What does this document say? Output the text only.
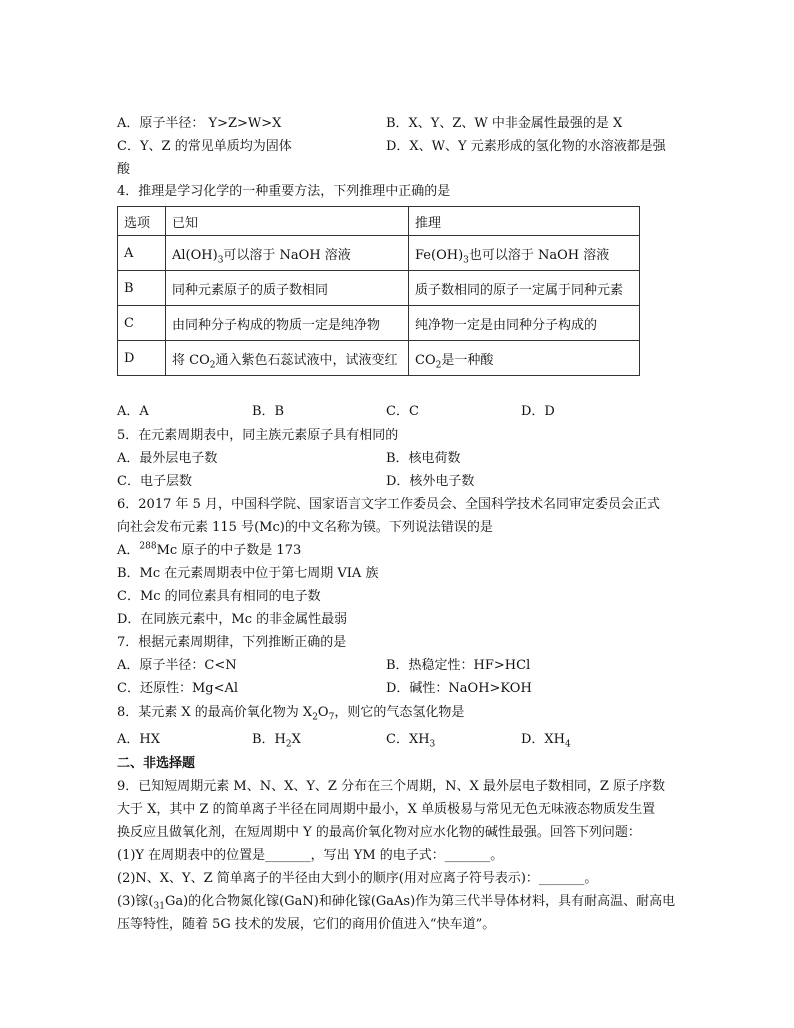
A．原子半径： Y>Z>W>X	B．X、Y、Z、W 中非金属性最强的是 X
C．Y、Z 的常见单质均为固体	D．X、W、Y 元素形成的氢化物的水溶液都是强
酸
4．推理是学习化学的一种重要方法，下列推理中正确的是
选项	已知	推理
A	$Al(OH)_3$可以溶于 NaOH 溶液	$Fe(OH)_3$也可以溶于 NaOH 溶液
B	同种元素原子的质子数相同	质子数相同的原子一定属于同种元素
C	由同种分子构成的物质一定是纯净物	纯净物一定是由同种分子构成的
D	将 $CO_2$通入紫色石蕊试液中，试液变红	$CO_2$是一种酸
A．A	B．B	C．C	D．D
5．在元素周期表中，同主族元素原子具有相同的
A．最外层电子数	B．核电荷数
C．电子层数	D．核外电子数
6．2017 年 5 月，中国科学院、国家语言文字工作委员会、全国科学技术名同审定委员会正式
向社会发布元素 115 号(Mc)的中文名称为镆。下列说法错误的是
A．$^{288}$Mc 原子的中子数是 173
B．Mc 在元素周期表中位于第七周期 VIA 族
C．Mc 的同位素具有相同的电子数
D．在同族元素中，Mc 的非金属性最弱
7．根据元素周期律，下列推断正确的是
A．原子半径：C<N	B．热稳定性：HF>HCl
C．还原性：Mg<Al	D．碱性：NaOH>KOH
8．某元素 X 的最高价氧化物为 $X_2O_7$，则它的气态氢化物是
A．HX	B．$H_2X$	C．$XH_3$	D．$XH_4$
二、非选择题
9．已知短周期元素 M、N、X、Y、Z 分布在三个周期，N、X 最外层电子数相同，Z 原子序数
大于 X，其中 Z 的简单离子半径在同周期中最小，X 单质极易与常见无色无味液态物质发生置
换反应且做氧化剂，在短周期中 Y 的最高价氧化物对应水化物的碱性最强。回答下列问题：
(1)Y 在周期表中的位置是_______，写出 YM 的电子式：_______。
(2)N、X、Y、Z 简单离子的半径由大到小的顺序(用对应离子符号表示)：_______。
(3)镓$(_{31}Ga)$的化合物氮化镓(GaN)和砷化镓(GaAs)作为第三代半导体材料，具有耐高温、耐高电
压等特性，随着 5G 技术的发展，它们的商用价值进入“快车道”。
